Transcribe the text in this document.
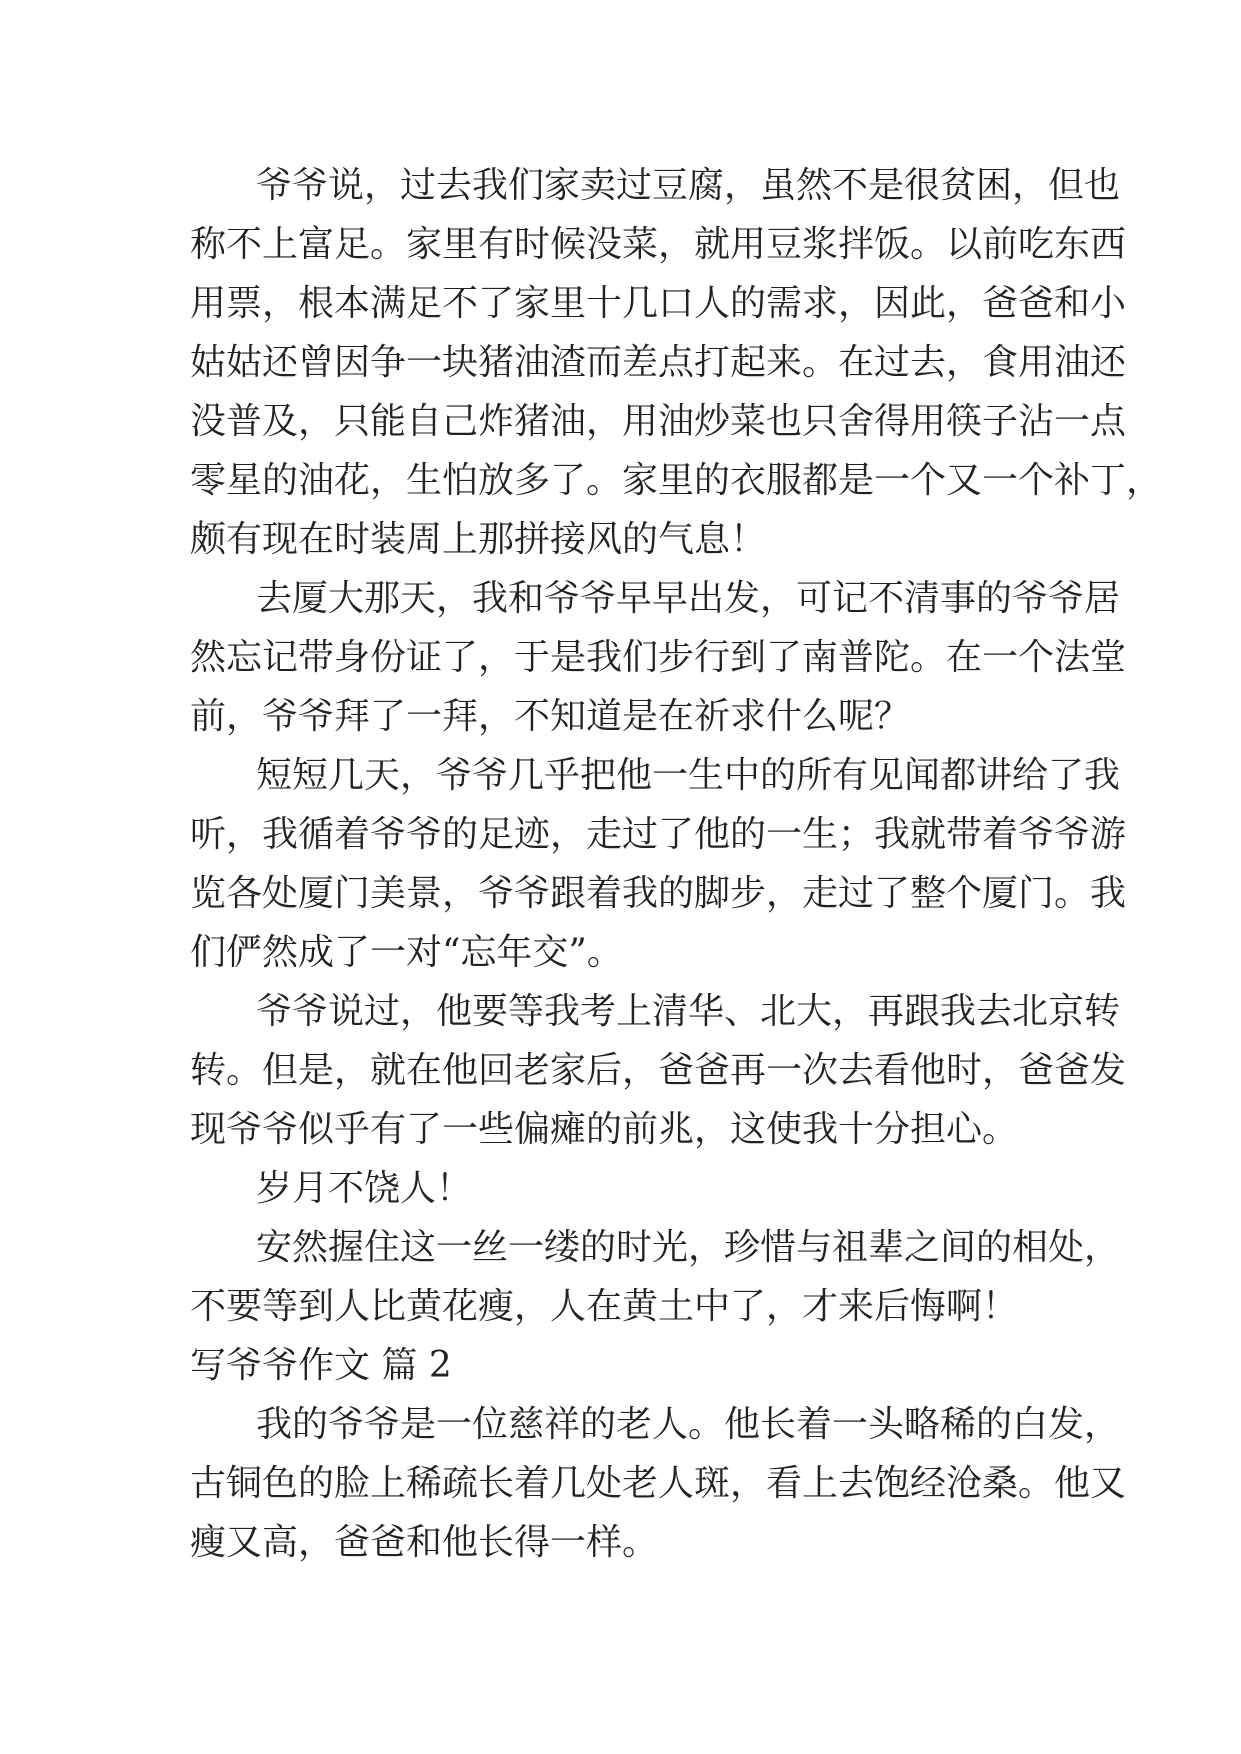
爷爷说，过去我们家卖过豆腐，虽然不是很贫困，但也
称不上富足。家里有时候没菜，就用豆浆拌饭。以前吃东西
用票，根本满足不了家里十几口人的需求，因此，爸爸和小
姑姑还曾因争一块猪油渣而差点打起来。在过去，食用油还
没普及，只能自己炸猪油，用油炒菜也只舍得用筷子沾一点
零星的油花，生怕放多了。家里的衣服都是一个又一个补丁，
颇有现在时装周上那拼接风的气息！
去厦大那天，我和爷爷早早出发，可记不清事的爷爷居
然忘记带身份证了，于是我们步行到了南普陀。在一个法堂
前，爷爷拜了一拜，不知道是在祈求什么呢？
短短几天，爷爷几乎把他一生中的所有见闻都讲给了我
听，我循着爷爷的足迹，走过了他的一生；我就带着爷爷游
览各处厦门美景，爷爷跟着我的脚步，走过了整个厦门。我
们俨然成了一对“忘年交”。
爷爷说过，他要等我考上清华、北大，再跟我去北京转
转。但是，就在他回老家后，爸爸再一次去看他时，爸爸发
现爷爷似乎有了一些偏瘫的前兆，这使我十分担心。
岁月不饶人！
安然握住这一丝一缕的时光，珍惜与祖辈之间的相处，
不要等到人比黄花瘦，人在黄土中了，才来后悔啊！
写爷爷作文 篇 2
我的爷爷是一位慈祥的老人。他长着一头略稀的白发，
古铜色的脸上稀疏长着几处老人斑，看上去饱经沧桑。他又
瘦又高，爸爸和他长得一样。
